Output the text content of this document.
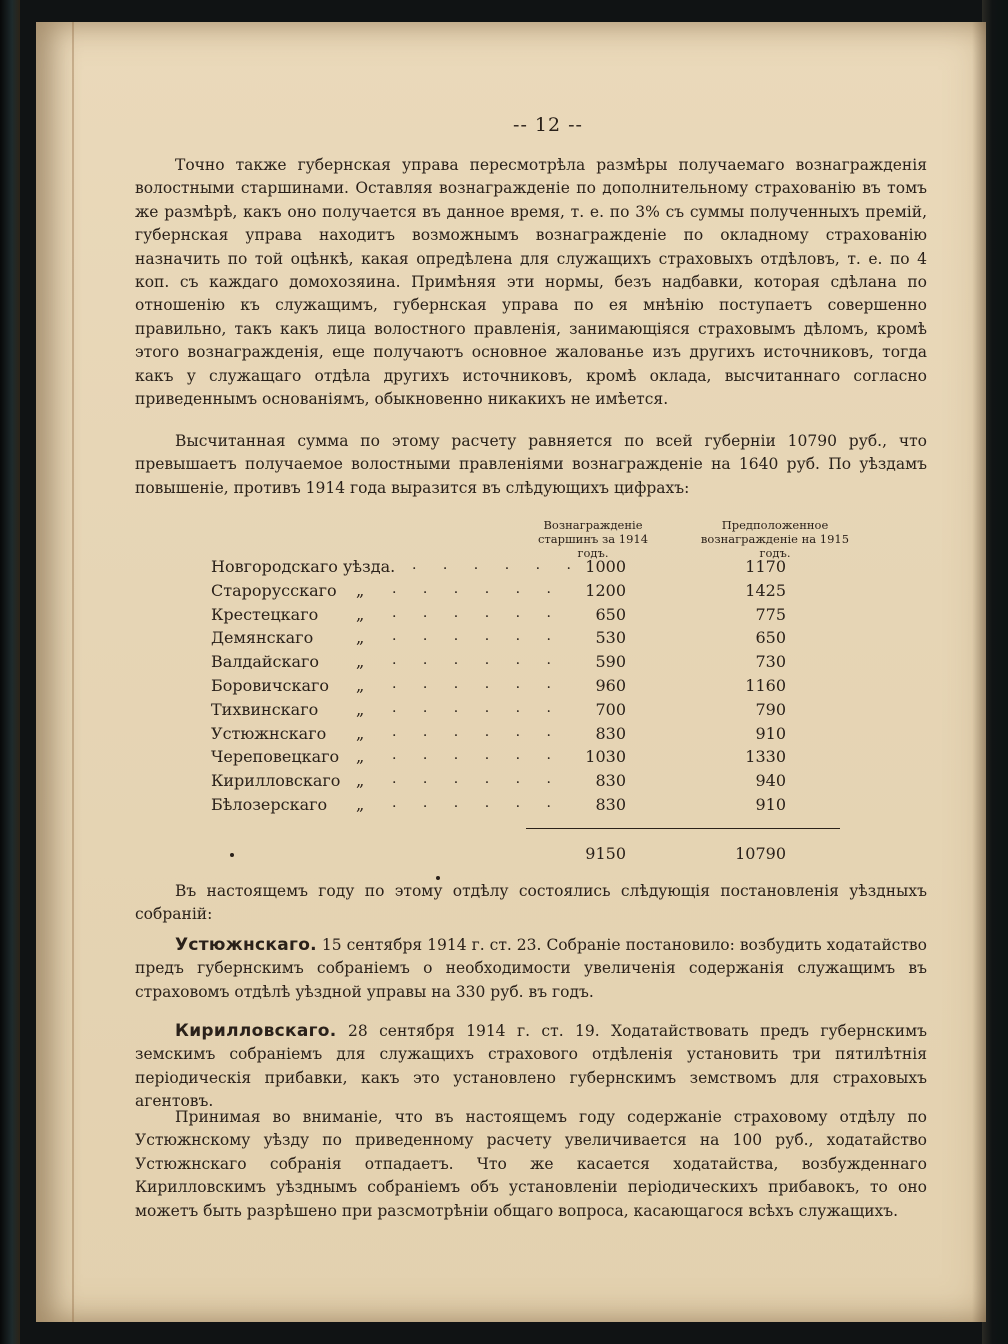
-- 12 --

Точно также губернская управа пересмотрѣла размѣры получаемаго вознагражденія волостными старшинами. Оставляя вознагражденіе по дополнительному страхованію въ томъ же размѣрѣ, какъ оно получается въ данное время, т. е. по 3% съ суммы полученныхъ премій, губернская управа находитъ возможнымъ вознагражденіе по окладному страхованію назначить по той оцѣнкѣ, какая опредѣлена для служащихъ страховыхъ отдѣловъ, т. е. по 4 коп. съ каждаго домохозяина. Примѣняя эти нормы, безъ надбавки, которая сдѣлана по отношенію къ служащимъ, губернская управа по ея мнѣнію поступаетъ совершенно правильно, такъ какъ лица волостного правленія, занимающіяся страховымъ дѣломъ, кромѣ этого вознагражденія, еще получаютъ основное жалованье изъ другихъ источниковъ, тогда какъ у служащаго отдѣла другихъ источниковъ, кромѣ оклада, высчитаннаго согласно приведеннымъ основаніямъ, обыкновенно никакихъ не имѣется.

Высчитанная сумма по этому расчету равняется по всей губерніи 10790 руб., что превышаетъ получаемое волостными правленіями вознагражденіе на 1640 руб. По уѣздамъ повышеніе, противъ 1914 года выразится въ слѣдующихъ цифрахъ:

Вознагражденіе старшинъ за 1914 годъ.
Предположенное вознагражденіе на 1915 годъ.
Новгородскаго уѣзда. . . . . . . 1000	1170
Старорусскаго „ . . . . . .	1200	1425
Крестецкаго „ . . . . . .	650	775
Демянскаго	„ . . . . . .	530	650
Валдайскаго „ . . . . . .	590	730
Боровичскаго „ . . . . . .	960	1160
Тихвинскаго „ . . . . . .	700	790
Устюжнскаго „ . . . . . .	830	910
Череповецкаго „ . . . . . .	1030	1330
Кирилловскаго „ . . . . . .	830	940
Бѣлозерскаго „ . . . . . .	830	910
9150	10790

Въ настоящемъ году по этому отдѣлу состоялись слѣдующія постановленія уѣздныхъ собраній:

Устюжнскаго. 15 сентября 1914 г. ст. 23. Собраніе постановило: возбудить ходатайство предъ губернскимъ собраніемъ о необходимости увеличенія содержанія служащимъ въ страховомъ отдѣлѣ уѣздной управы на 330 руб. въ годъ.

Кирилловскаго. 28 сентября 1914 г. ст. 19. Ходатайствовать предъ губернскимъ земскимъ собраніемъ для служащихъ страхового отдѣленія установить три пятилѣтнія періодическія прибавки, какъ это установлено губернскимъ земствомъ для страховыхъ агентовъ.

Принимая во вниманіе, что въ настоящемъ году содержаніе страховому отдѣлу по Устюжнскому уѣзду по приведенному расчету увеличивается на 100 руб., ходатайство Устюжнскаго собранія отпадаетъ. Что же касается ходатайства, возбужденнаго Кирилловскимъ уѣзднымъ собраніемъ объ установленіи періодическихъ прибавокъ, то оно можетъ быть разрѣшено при разсмотрѣніи общаго вопроса, касающагося всѣхъ служащихъ.
